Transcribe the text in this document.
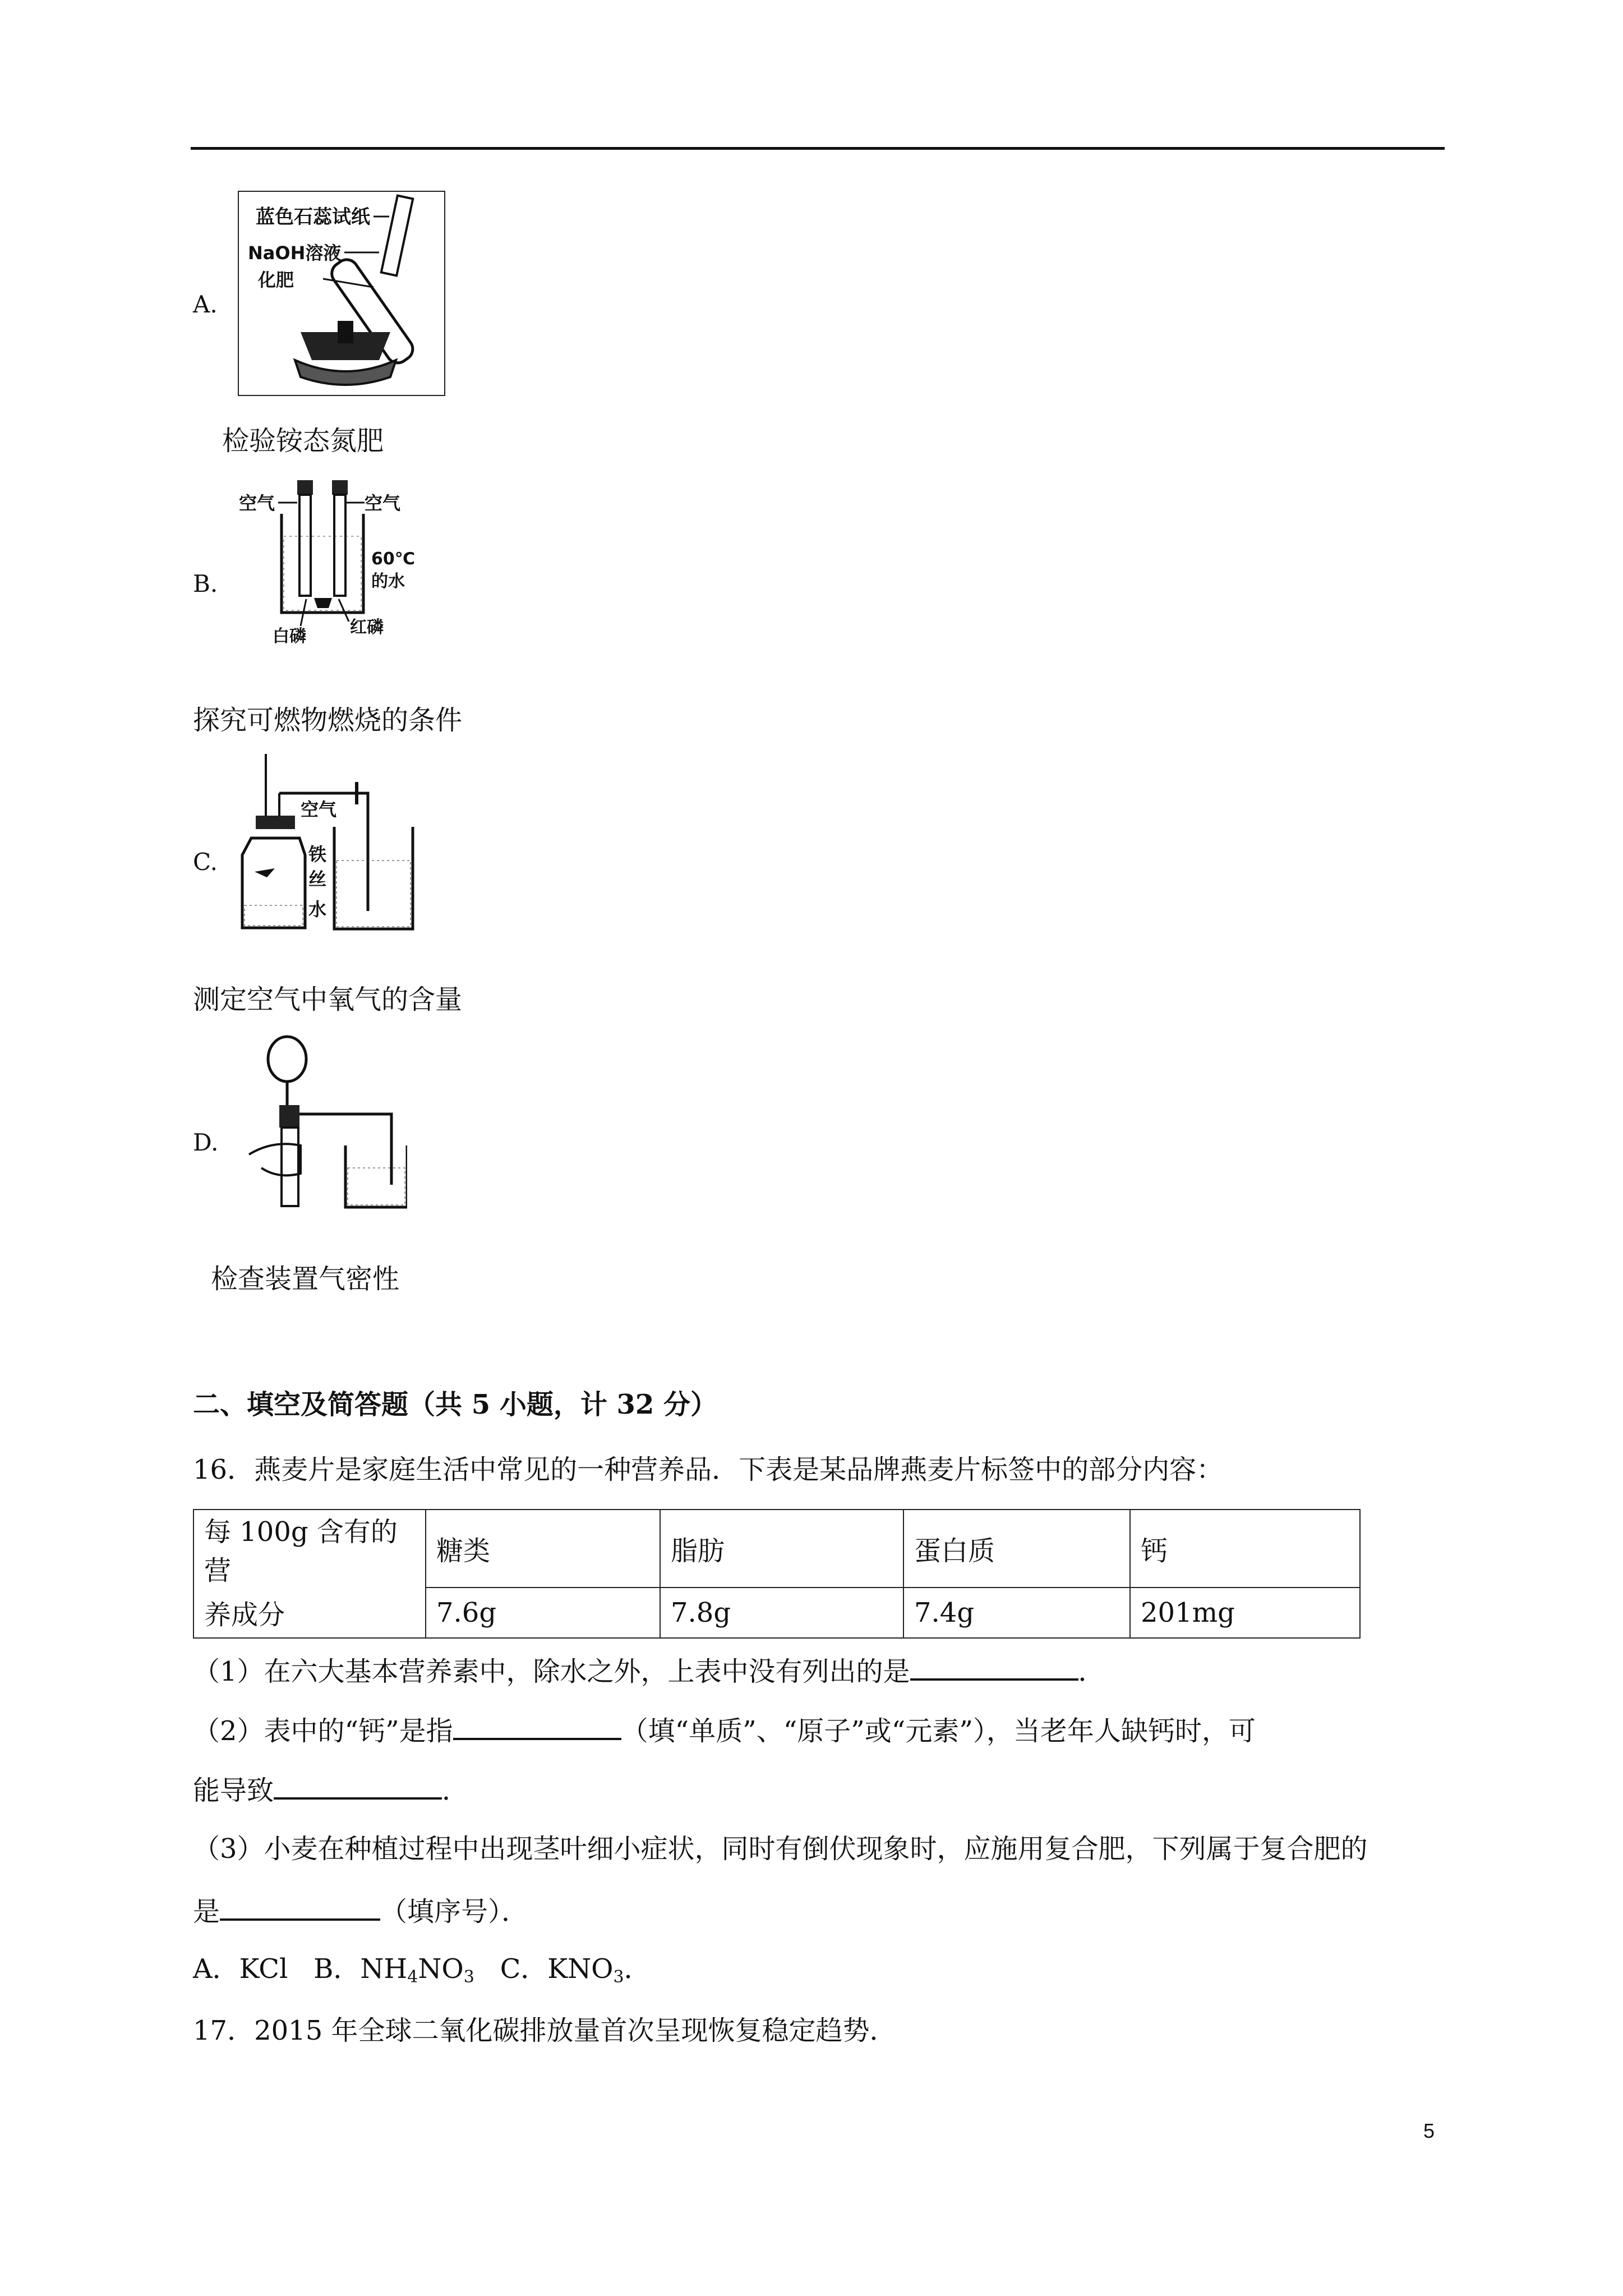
A.
蓝色石蕊试纸
NaOH溶液
化肥
检验铵态氮肥
B.
空气	空气
60℃
的水
白磷	红磷
探究可燃物燃烧的条件
C.
空气
铁
丝
水
测定空气中氧气的含量
D.
检查装置气密性
二、填空及简答题（共 5 小题，计 32 分）
16．燕麦片是家庭生活中常见的一种营养品．下表是某品牌燕麦片标签中的部分内容：
每 100g 含有的营	糖类	脂肪	蛋白质	钙
养成分	7.6g	7.8g	7.4g	201mg
（1）在六大基本营养素中，除水之外，上表中没有列出的是	．
（2）表中的“钙”是指	（填“单质”、“原子”或“元素”），当老年人缺钙时，可
能导致	．
（3）小麦在种植过程中出现茎叶细小症状，同时有倒伏现象时，应施用复合肥，下列属于复合肥的
是	（填序号）．
A．KCl B．$NH_4NO_3$ C．$KNO_3$．
17．2015 年全球二氧化碳排放量首次呈现恢复稳定趋势．
5
